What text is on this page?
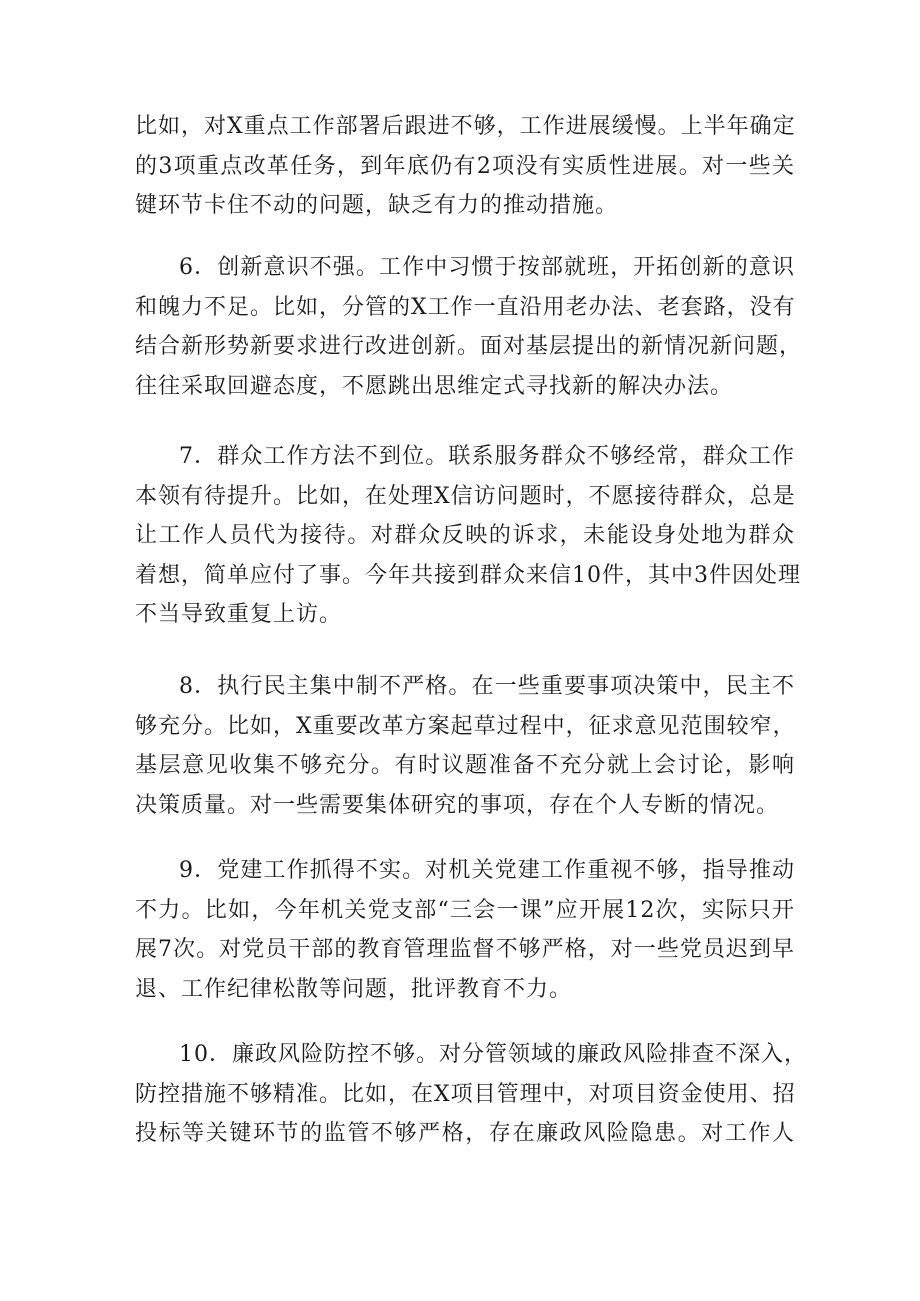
比如，对X重点工作部署后跟进不够，工作进展缓慢。上半年确定
的3项重点改革任务，到年底仍有2项没有实质性进展。对一些关
键环节卡住不动的问题，缺乏有力的推动措施。

6．创新意识不强。工作中习惯于按部就班，开拓创新的意识
和魄力不足。比如，分管的X工作一直沿用老办法、老套路，没有
结合新形势新要求进行改进创新。面对基层提出的新情况新问题，
往往采取回避态度，不愿跳出思维定式寻找新的解决办法。

7．群众工作方法不到位。联系服务群众不够经常，群众工作
本领有待提升。比如，在处理X信访问题时，不愿接待群众，总是
让工作人员代为接待。对群众反映的诉求，未能设身处地为群众
着想，简单应付了事。今年共接到群众来信10件，其中3件因处理
不当导致重复上访。

8．执行民主集中制不严格。在一些重要事项决策中，民主不
够充分。比如，X重要改革方案起草过程中，征求意见范围较窄，
基层意见收集不够充分。有时议题准备不充分就上会讨论，影响
决策质量。对一些需要集体研究的事项，存在个人专断的情况。

9．党建工作抓得不实。对机关党建工作重视不够，指导推动
不力。比如，今年机关党支部“三会一课”应开展12次，实际只开
展7次。对党员干部的教育管理监督不够严格，对一些党员迟到早
退、工作纪律松散等问题，批评教育不力。

10．廉政风险防控不够。对分管领域的廉政风险排查不深入，
防控措施不够精准。比如，在X项目管理中，对项目资金使用、招
投标等关键环节的监管不够严格，存在廉政风险隐患。对工作人
